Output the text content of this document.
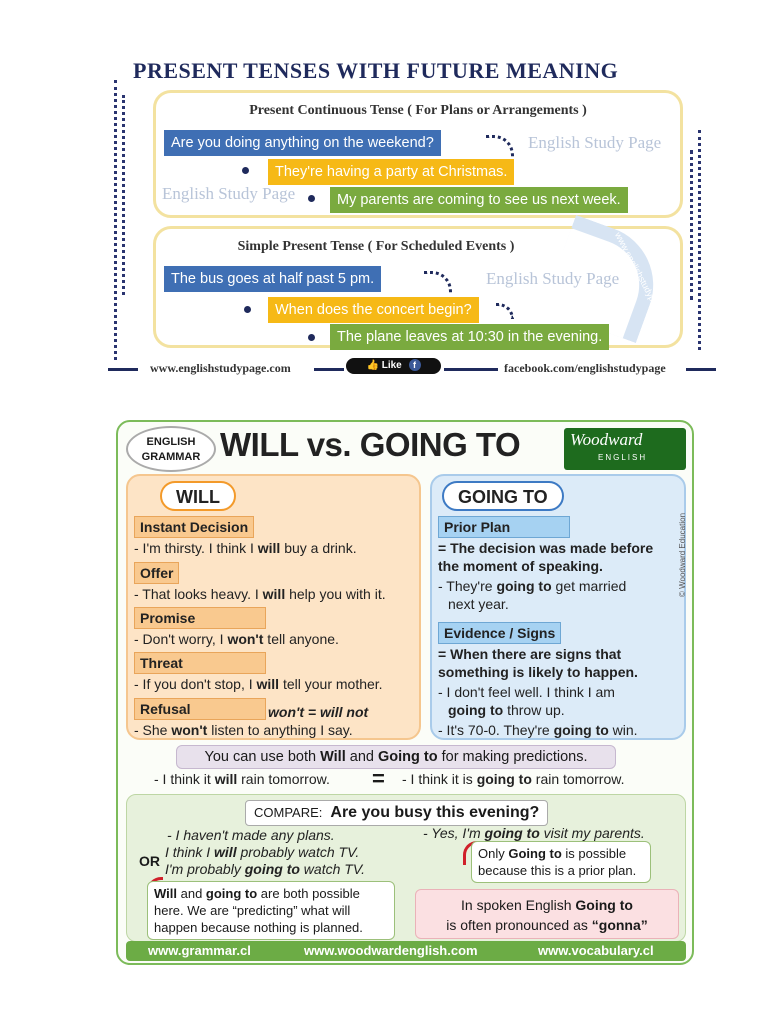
PRESENT TENSES WITH FUTURE MEANING
Present Continuous Tense ( For Plans or Arrangements )
Are you doing anything on the weekend?	English Study Page
They're having a party at Christmas.
English Study Page	My parents are coming to see us next week.
www.englishstudypage.com
Simple Present Tense ( For Scheduled Events )
The bus goes at half past 5 pm.	English Study Page
When does the concert begin?
The plane leaves at 10:30 in the evening.
www.englishstudypage.com	👍 Like f	facebook.com/englishstudypage
ENGLISH
GRAMMAR WILL vs. GOING TO	Woodward
ENGLISH
WILL
Instant Decision
- I'm thirsty. I think I will buy a drink.
Offer
- That looks heavy. I will help you with it.
Promise
- Don't worry, I won't tell anyone.
Threat
- If you don't stop, I will tell your mother.
Refusal	won't = will not
- She won't listen to anything I say.
GOING TO
Prior Plan
= The decision was made before
the moment of speaking.
- They're going to get married
next year.
Evidence / Signs
= When there are signs that
something is likely to happen.
- I don't feel well. I think I am
going to throw up.
- It's 70-0. They're going to win.
© Woodward Education
You can use both Will and Going to for making predictions.
- I think it will rain tomorrow. = - I think it is going to rain tomorrow.
COMPARE: Are you busy this evening?
- I haven't made any plans.
I think I will probably watch TV.
OR I'm probably going to watch TV.
Will and going to are both possible
here. We are “predicting” what will
happen because nothing is planned.
- Yes, I'm going to visit my parents.
Only Going to is possible
because this is a prior plan.
In spoken English Going to
is often pronounced as “gonna”
www.grammar.cl	www.woodwardenglish.com	www.vocabulary.cl
